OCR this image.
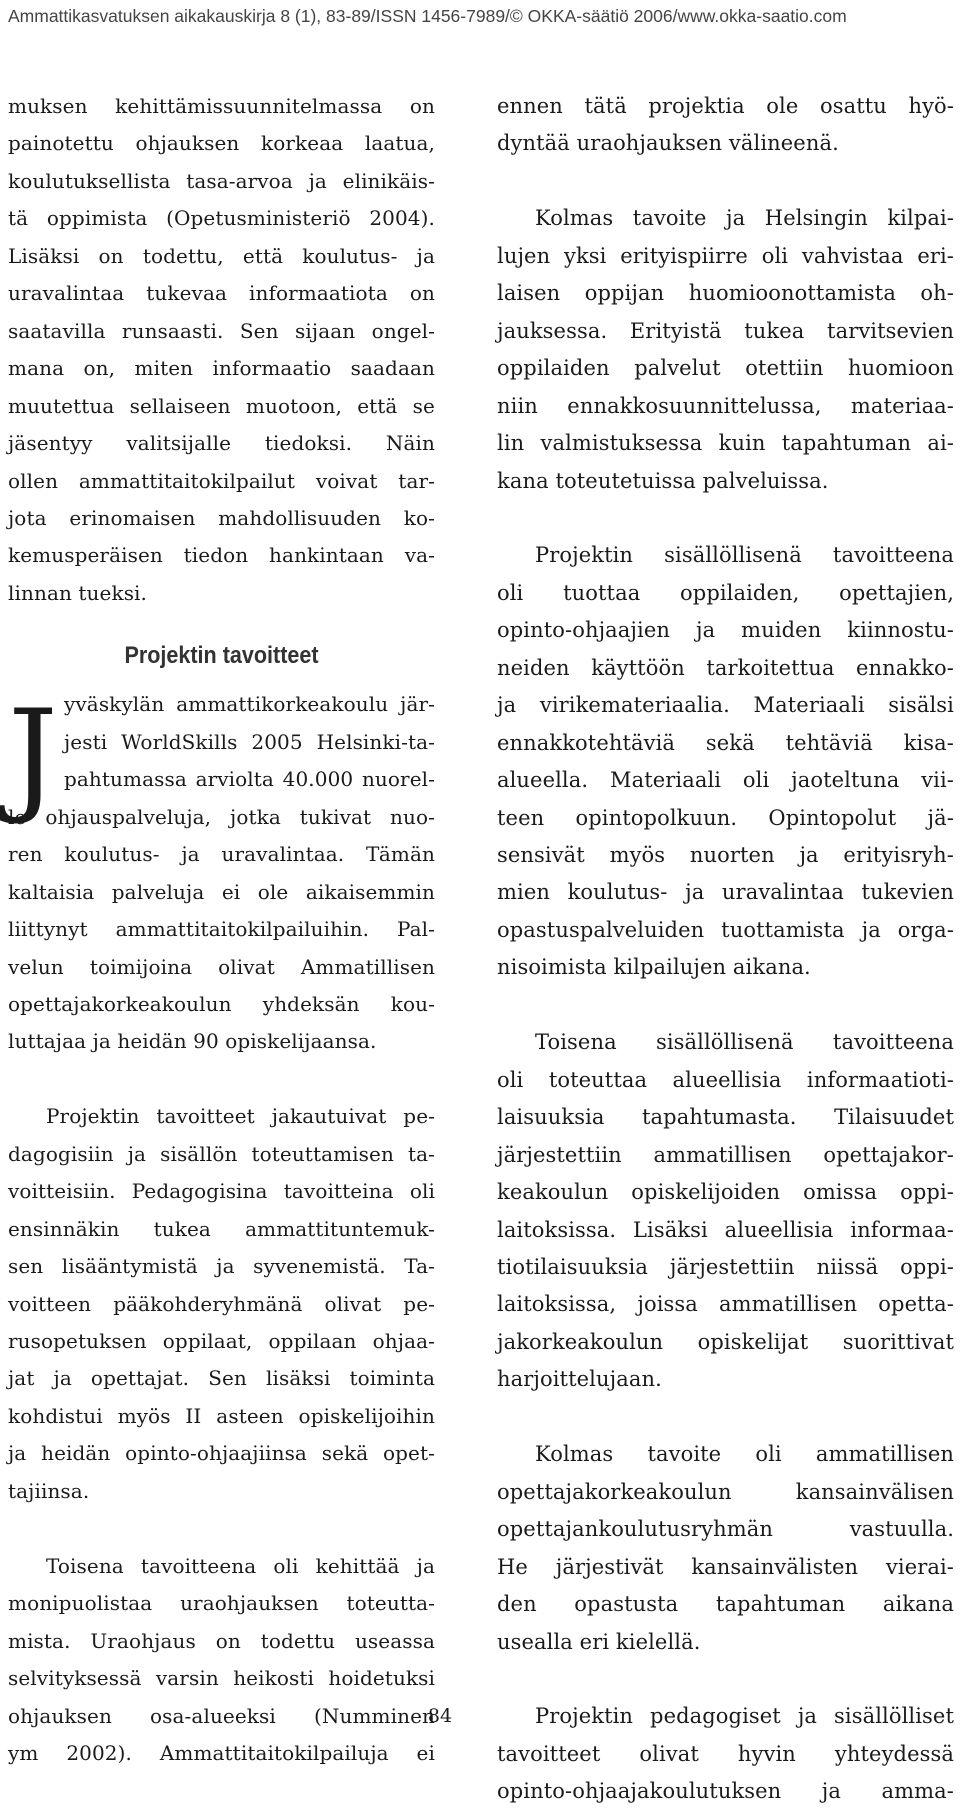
Ammattikasvatuksen aikakauskirja 8 (1), 83-89/ISSN 1456-7989/© OKKA-säätiö 2006/www.okka-saatio.com
muksen kehittämissuunnitelmassa on
painotettu ohjauksen korkeaa laatua,
koulutuksellista tasa-arvoa ja elinikäis-
tä oppimista (Opetusministeriö 2004).
Lisäksi on todettu, että koulutus- ja
uravalintaa tukevaa informaatiota on
saatavilla runsaasti. Sen sijaan ongel-
mana on, miten informaatio saadaan
muutettua sellaiseen muotoon, että se
jäsentyy valitsijalle tiedoksi. Näin
ollen ammattitaitokilpailut voivat tar-
jota erinomaisen mahdollisuuden ko-
kemusperäisen tiedon hankintaan va-
linnan tueksi.
Projektin tavoitteet
J yväskylän ammattikorkeakoulu jär-
jesti WorldSkills 2005 Helsinki-ta-
pahtumassa arviolta 40.000 nuorel-
le ohjauspalveluja, jotka tukivat nuo-
ren koulutus- ja uravalintaa. Tämän
kaltaisia palveluja ei ole aikaisemmin
liittynyt ammattitaitokilpailuihin. Pal-
velun toimijoina olivat Ammatillisen
opettajakorkeakoulun yhdeksän kou-
luttajaa ja heidän 90 opiskelijaansa.
Projektin tavoitteet jakautuivat pe-
dagogisiin ja sisällön toteuttamisen ta-
voitteisiin. Pedagogisina tavoitteina oli
ensinnäkin tukea ammattituntemuk-
sen lisääntymistä ja syvenemistä. Ta-
voitteen pääkohderyhmänä olivat pe-
rusopetuksen oppilaat, oppilaan ohjaa-
jat ja opettajat. Sen lisäksi toiminta
kohdistui myös II asteen opiskelijoihin
ja heidän opinto-ohjaajiinsa sekä opet-
tajiinsa.
Toisena tavoitteena oli kehittää ja
monipuolistaa uraohjauksen toteutta-
mista. Uraohjaus on todettu useassa
selvityksessä varsin heikosti hoidetuksi
ohjauksen osa-alueeksi (Numminen
ym 2002). Ammattitaitokilpailuja ei
ennen tätä projektia ole osattu hyö-
dyntää uraohjauksen välineenä.
Kolmas tavoite ja Helsingin kilpai-
lujen yksi erityispiirre oli vahvistaa eri-
laisen oppijan huomioonottamista oh-
jauksessa. Erityistä tukea tarvitsevien
oppilaiden palvelut otettiin huomioon
niin ennakkosuunnittelussa, materiaa-
lin valmistuksessa kuin tapahtuman ai-
kana toteutetuissa palveluissa.
Projektin sisällöllisenä tavoitteena
oli tuottaa oppilaiden, opettajien,
opinto-ohjaajien ja muiden kiinnostu-
neiden käyttöön tarkoitettua ennakko-
ja virikemateriaalia. Materiaali sisälsi
ennakkotehtäviä sekä tehtäviä kisa-
alueella. Materiaali oli jaoteltuna vii-
teen opintopolkuun. Opintopolut jä-
sensivät myös nuorten ja erityisryh-
mien koulutus- ja uravalintaa tukevien
opastuspalveluiden tuottamista ja orga-
nisoimista kilpailujen aikana.
Toisena sisällöllisenä tavoitteena
oli toteuttaa alueellisia informaatioti-
laisuuksia tapahtumasta. Tilaisuudet
järjestettiin ammatillisen opettajakor-
keakoulun opiskelijoiden omissa oppi-
laitoksissa. Lisäksi alueellisia informaa-
tiotilaisuuksia järjestettiin niissä oppi-
laitoksissa, joissa ammatillisen opetta-
jakorkeakoulun opiskelijat suorittivat
harjoittelujaan.
Kolmas tavoite oli ammatillisen
opettajakorkeakoulun kansainvälisen
opettajankoulutusryhmän vastuulla.
He järjestivät kansainvälisten vierai-
den opastusta tapahtuman aikana
usealla eri kielellä.
Projektin pedagogiset ja sisällölliset
tavoitteet olivat hyvin yhteydessä
opinto-ohjaajakoulutuksen ja amma-
84
